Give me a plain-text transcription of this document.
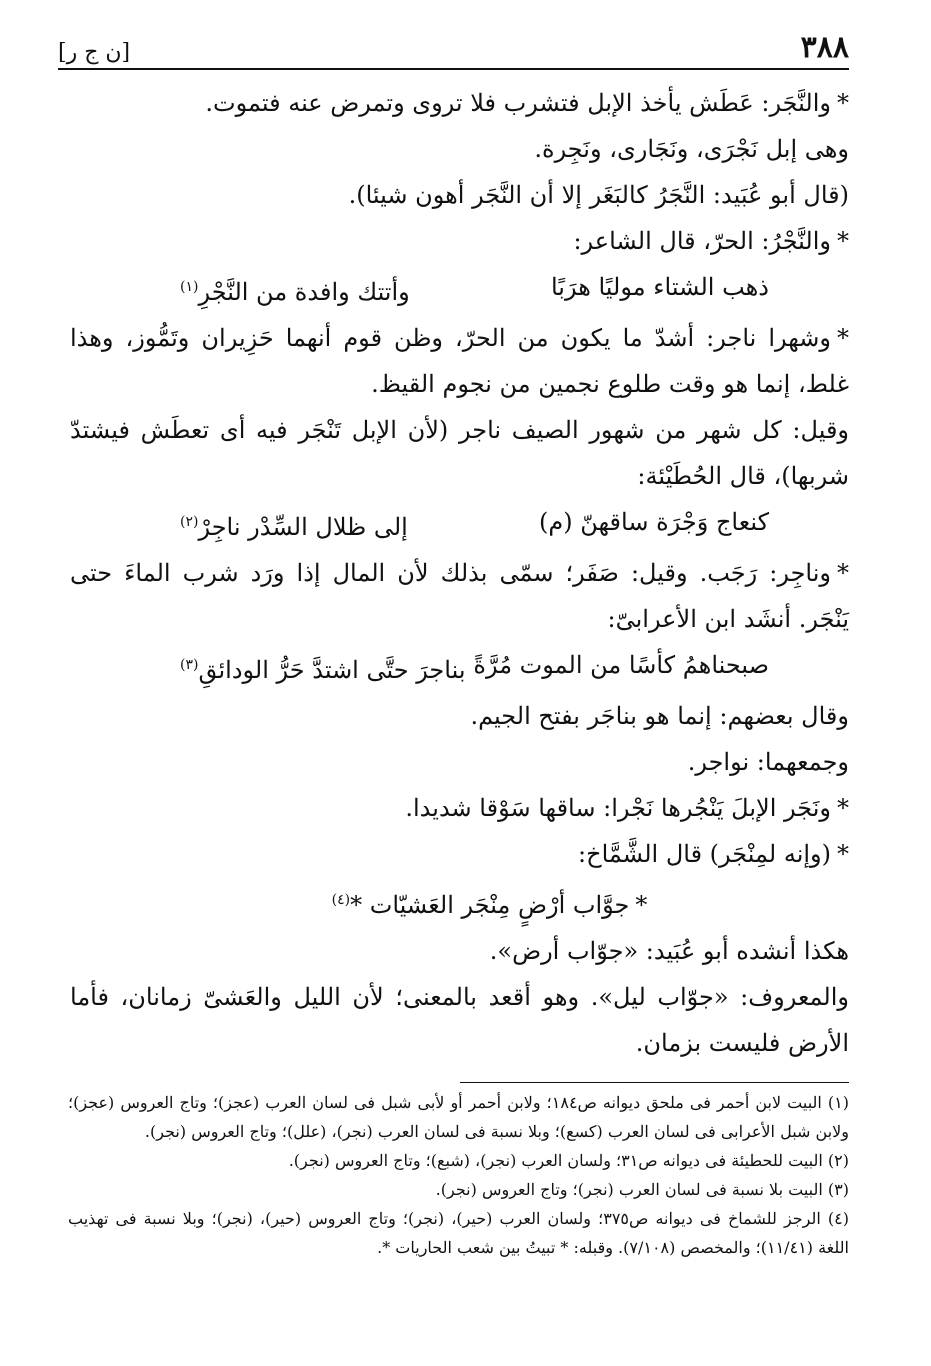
٣٨٨
[ن ج ر]

*والنَّجَر: عَطَش يأخذ الإبل فتشرب فلا تروى وتمرض عنه فتموت.

وهى إبل نَجْرَى، ونَجَارى، ونَجِرة.

(قال أبو عُبَيد: النَّجَرُ كالبَغَر إلا أن النَّجَر أهون شيئا).

*والنَّجْرُ: الحرّ، قال الشاعر:

ذهب الشتاء موليًا هرَبًا
وأتتك وافدة من النَّجْرِ$^{(١)}$

*وشهرا ناجر: أشدّ ما يكون من الحرّ، وظن قوم أنهما حَزِيران وتَمُّوز، وهذا غلط، إنما هو وقت طلوع نجمين من نجوم القيظ.

وقيل: كل شهر من شهور الصيف ناجر (لأن الإبل تَنْجَر فيه أى تعطَش فيشتدّ شربها)، قال الحُطَيْئة:

كنعاج وَجْرَة ساقهنّ (م)
إلى ظلال السِّدْر ناجِرْ$^{(٢)}$

*وناجِر: رَجَب. وقيل: صَفَر؛ سمّى بذلك لأن المال إذا ورَد شرب الماءَ حتى يَنْجَر. أنشَد ابن الأعرابىّ:

صبحناهمُ كأسًا من الموت مُرَّةً
بناجرَ حتَّى اشتدَّ حَرُّ الودائقِ$^{(٣)}$

وقال بعضهم: إنما هو بناجَر بفتح الجيم.

وجمعهما: نواجر.

*ونَجَر الإبلَ يَنْجُرها نَجْرا: ساقها سَوْقا شديدا.

*(وإنه لمِنْجَر) قال الشَّمَّاخ:

*جوَّاب أرْضٍ مِنْجَر العَشيّات *$^{(٤)}$

هكذا أنشده أبو عُبَيد: «جوّاب أرض».

والمعروف: «جوّاب ليل». وهو أقعد بالمعنى؛ لأن الليل والعَشىّ زمانان، فأما الأرض فليست بزمان.

(١) البيت لابن أحمر فى ملحق ديوانه ص١٨٤؛ ولابن أحمر أو لأبى شبل فى لسان العرب (عجز)؛ وتاج العروس (عجز)؛ ولابن شبل الأعرابى فى لسان العرب (كسع)؛ وبلا نسبة فى لسان العرب (نجر)، (علل)؛ وتاج العروس (نجر).

(٢) البيت للحطيئة فى ديوانه ص٣١؛ ولسان العرب (نجر)، (شبع)؛ وتاج العروس (نجر).

(٣) البيت بلا نسبة فى لسان العرب (نجر)؛ وتاج العروس (نجر).

(٤) الرجز للشماخ فى ديوانه ص٣٧٥؛ ولسان العرب (حير)، (نجر)؛ وتاج العروس (حير)، (نجر)؛ وبلا نسبة فى تهذيب اللغة (١١/٤١)؛ والمخصص (٧/١٠٨). وقبله: * تبيتُ بين شعب الحاريات *.
